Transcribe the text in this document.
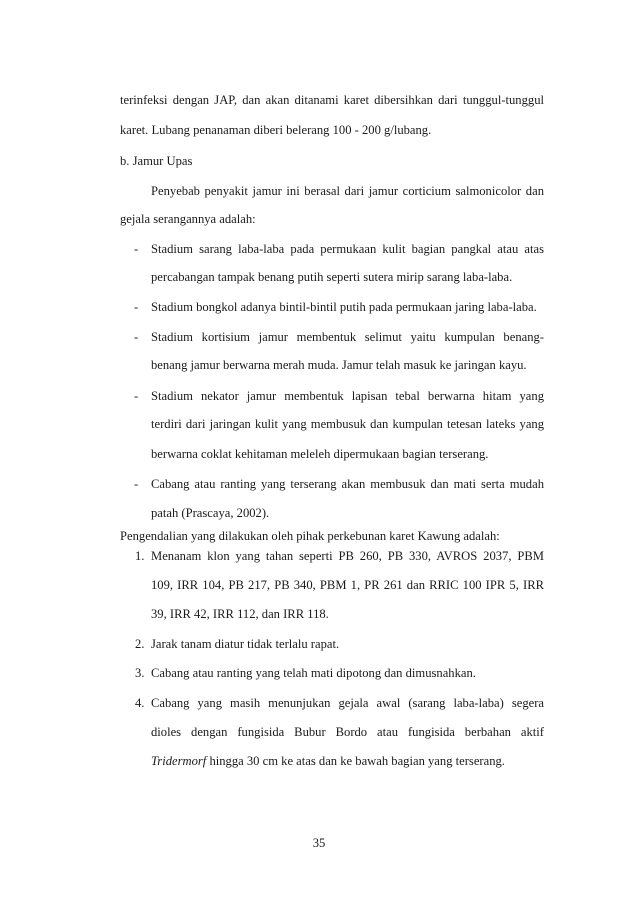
terinfeksi dengan JAP, dan akan ditanami karet dibersihkan dari tunggul-tunggul
karet. Lubang penanaman diberi belerang 100 - 200 g/lubang.
b. Jamur Upas
Penyebab penyakit jamur ini berasal dari jamur corticium salmonicolor dan
gejala serangannya adalah:
- Stadium sarang laba-laba pada permukaan kulit bagian pangkal atau atas
percabangan tampak benang putih seperti sutera mirip sarang laba-laba.
- Stadium bongkol adanya bintil-bintil putih pada permukaan jaring laba-laba.
- Stadium kortisium jamur membentuk selimut yaitu kumpulan benang-
benang jamur berwarna merah muda. Jamur telah masuk ke jaringan kayu.
- Stadium nekator jamur membentuk lapisan tebal berwarna hitam yang
terdiri dari jaringan kulit yang membusuk dan kumpulan tetesan lateks yang
berwarna coklat kehitaman meleleh dipermukaan bagian terserang.
- Cabang atau ranting yang terserang akan membusuk dan mati serta mudah
patah (Prascaya, 2002).
Pengendalian yang dilakukan oleh pihak perkebunan karet Kawung adalah:
1. Menanam klon yang tahan seperti PB 260, PB 330, AVROS 2037, PBM
109, IRR 104, PB 217, PB 340, PBM 1, PR 261 dan RRIC 100 IPR 5, IRR
39, IRR 42, IRR 112, dan IRR 118.
2. Jarak tanam diatur tidak terlalu rapat.
3. Cabang atau ranting yang telah mati dipotong dan dimusnahkan.
4. Cabang yang masih menunjukan gejala awal (sarang laba-laba) segera
dioles dengan fungisida Bubur Bordo atau fungisida berbahan aktif
Tridermorf hingga 30 cm ke atas dan ke bawah bagian yang terserang.
35
